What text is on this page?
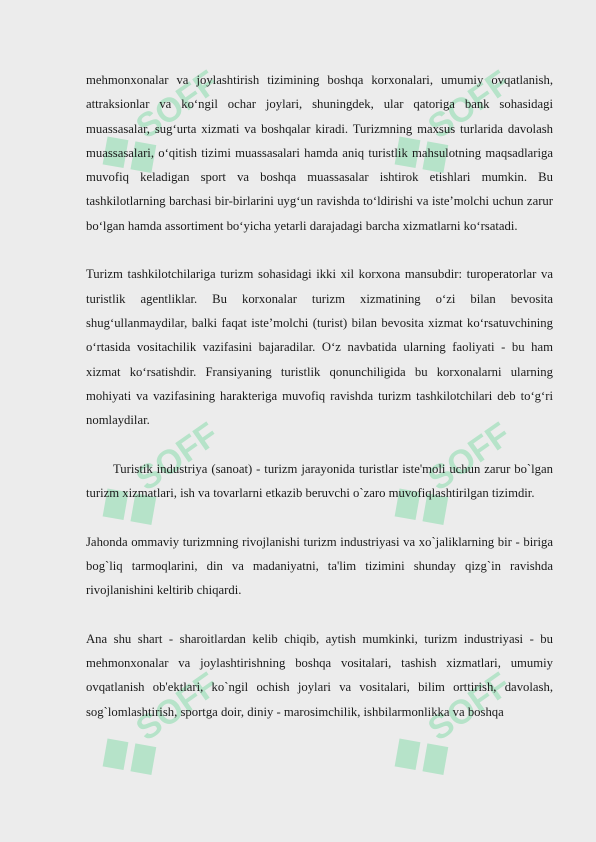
SOFF	SOFF
SOFF	SOFF
SOFF	SOFF

mehmonxonalar va joylashtirish tizimining boshqa korxonalari, umumiy ovqatlanish, attraksionlar va ko‘ngil ochar joylari, shuningdek, ular qatoriga bank sohasidagi muassasalar, sug‘urta xizmati va boshqalar kiradi. Turizmning maxsus turlarida davolash muassasalari, o‘qitish tizimi muassasalari hamda aniq turistlik mahsulotning maqsadlariga muvofiq keladigan sport va boshqa muassasalar ishtirok etishlari mumkin. Bu tashkilotlarning barchasi bir-birlarini uyg‘un ravishda to‘ldirishi va iste’molchi uchun zarur bo‘lgan hamda assortiment bo‘yicha yetarli darajadagi barcha xizmatlarni ko‘rsatadi.

Turizm tashkilotchilariga turizm sohasidagi ikki xil korxona mansubdir: turoperatorlar va turistlik agentliklar. Bu korxonalar turizm xizmatining o‘zi bilan bevosita shug‘ullanmaydilar, balki faqat iste’molchi (turist) bilan bevosita xizmat ko‘rsatuvchining o‘rtasida vositachilik vazifasini bajaradilar. O‘z navbatida ularning faoliyati - bu ham xizmat ko‘rsatishdir. Fransiyaning turistlik qonunchiligida bu korxonalarni ularning mohiyati va vazifasining harakteriga muvofiq ravishda turizm tashkilotchilari deb to‘g‘ri nomlaydilar.

Turistik industriya (sanoat) - turizm jarayonida turistlar iste'moli uchun zarur bo`lgan turizm xizmatlari, ish va tovarlarni etkazib beruvchi o`zaro muvofiqlashtirilgan tizimdir.

Jahonda ommaviy turizmning rivojlanishi turizm industriyasi va xo`jaliklarning bir - biriga bog`liq tarmoqlarini, din va madaniyatni, ta'lim tizimini shunday qizg`in ravishda rivojlanishini keltirib chiqardi.

Ana shu shart - sharoitlardan kelib chiqib, aytish mumkinki, turizm industriyasi - bu mehmonxonalar va joylashtirishning boshqa vositalari, tashish xizmatlari, umumiy ovqatlanish ob'ektlari, ko`ngil ochish joylari va vositalari, bilim orttirish, davolash, sog`lomlashtirish, sportga doir, diniy - marosimchilik, ishbilarmonlikka va boshqa
